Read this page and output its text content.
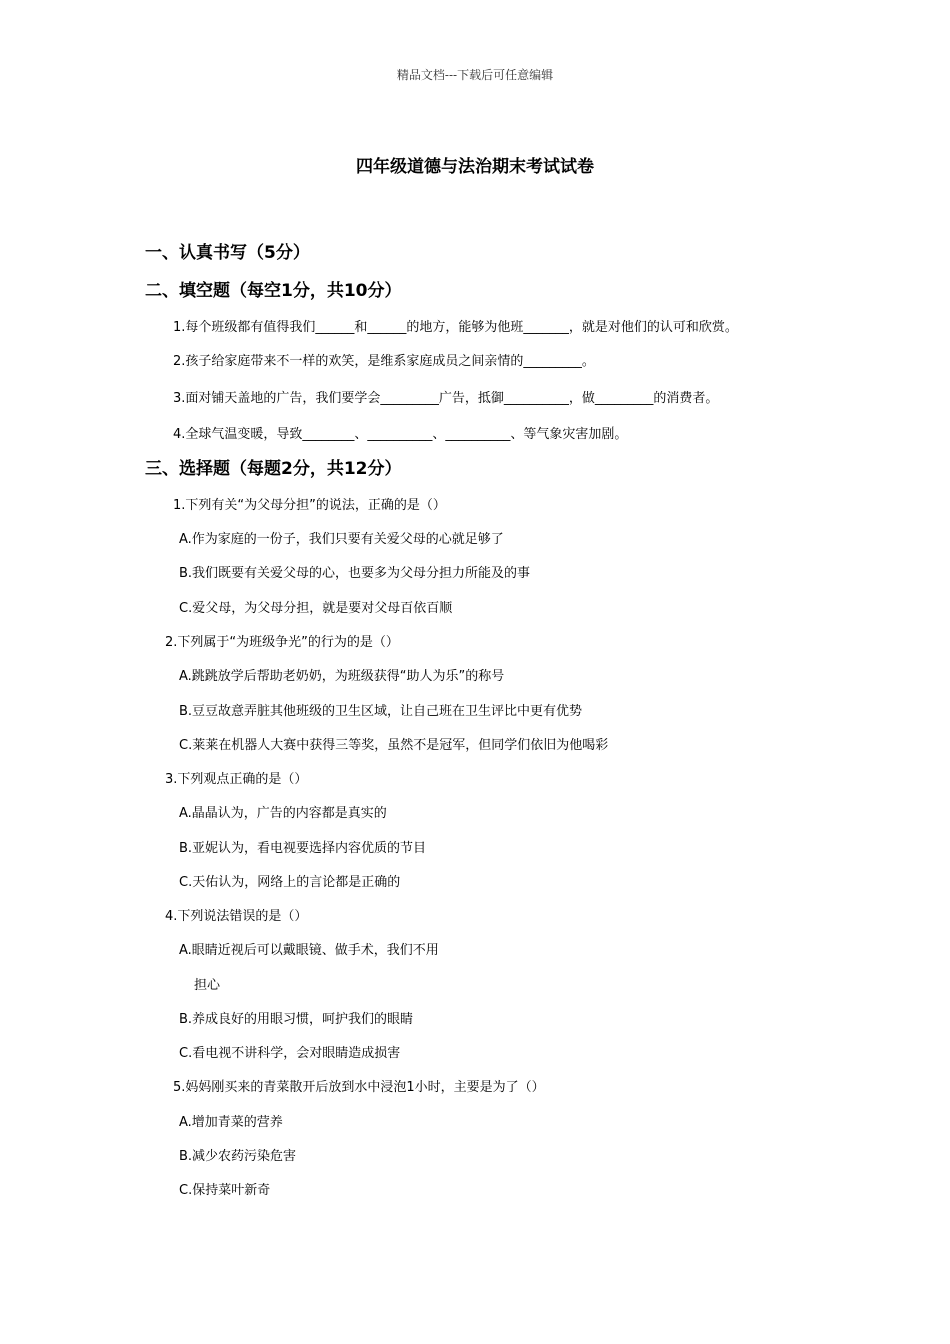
精品文档---下载后可任意编辑
四年级道德与法治期末考试试卷
一、认真书写（5分）
二、填空题（每空1分，共10分）
1.每个班级都有值得我们______和______的地方，能够为他班_______，就是对他们的认可和欣赏。
2.孩子给家庭带来不一样的欢笑，是维系家庭成员之间亲情的_________。
3.面对铺天盖地的广告，我们要学会_________广告，抵御__________，做_________的消费者。
4.全球气温变暖，导致________、__________、__________、等气象灾害加剧。
三、选择题（每题2分，共12分）
1.下列有关“为父母分担”的说法，正确的是（）
A.作为家庭的一份子，我们只要有关爱父母的心就足够了
B.我们既要有关爱父母的心，也要多为父母分担力所能及的事
C.爱父母，为父母分担，就是要对父母百依百顺
2.下列属于“为班级争光”的行为的是（）
A.跳跳放学后帮助老奶奶，为班级获得“助人为乐”的称号
B.豆豆故意弄脏其他班级的卫生区域，让自己班在卫生评比中更有优势
C.莱莱在机器人大赛中获得三等奖，虽然不是冠军，但同学们依旧为他喝彩
3.下列观点正确的是（）
A.晶晶认为，广告的内容都是真实的
B.亚妮认为，看电视要选择内容优质的节目
C.天佑认为，网络上的言论都是正确的
4.下列说法错误的是（）
A.眼睛近视后可以戴眼镜、做手术，我们不用
担心
B.养成良好的用眼习惯，呵护我们的眼睛
C.看电视不讲科学，会对眼睛造成损害
5.妈妈刚买来的青菜散开后放到水中浸泡1小时，主要是为了（）
A.增加青菜的营养
B.减少农药污染危害
C.保持菜叶新奇
